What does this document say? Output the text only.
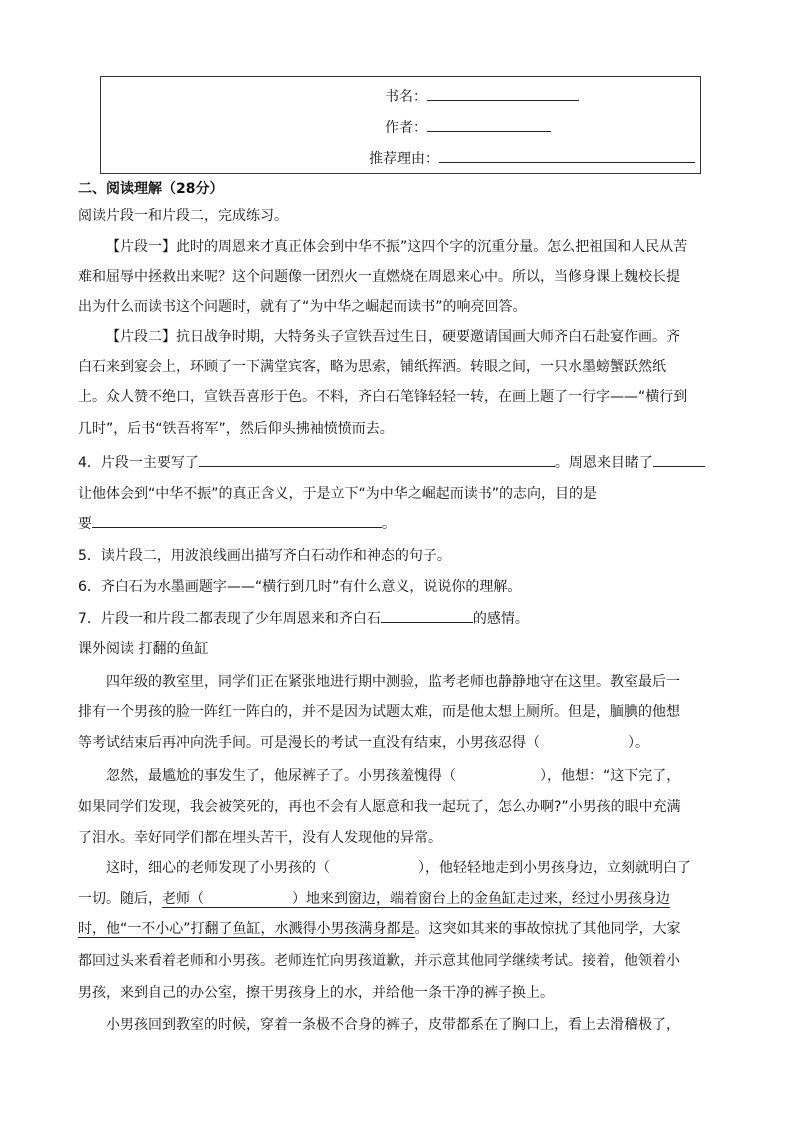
书名：
作者：
推荐理由：
二、阅读理解（28分）
阅读片段一和片段二，完成练习。
【片段一】此时的周恩来才真正体会到中华不振”这四个字的沉重分量。怎么把祖国和人民从苦
难和屈辱中拯救出来呢？这个问题像一团烈火一直燃烧在周恩来心中。所以，当修身课上魏校长提
出为什么而读书这个问题时，就有了“为中华之崛起而读书”的响亮回答。
【片段二】抗日战争时期，大特务头子宣铁吾过生日，硬要邀请国画大师齐白石赴宴作画。齐
白石来到宴会上，环顾了一下满堂宾客，略为思索，铺纸挥洒。转眼之间，一只水墨螃蟹跃然纸
上。众人赞不绝口，宣铁吾喜形于色。不料，齐白石笔锋轻轻一转，在画上题了一行字——“横行到
几时”，后书“铁吾将军”，然后仰头拂袖愤愤而去。
4．片段一主要写了	。周恩来目睹了
让他体会到“中华不振”的真正含义，于是立下“为中华之崛起而读书”的志向，目的是
要	。
5．读片段二，用波浪线画出描写齐白石动作和神态的句子。
6．齐白石为水墨画题字——“横行到几时”有什么意义，说说你的理解。
7．片段一和片段二都表现了少年周恩来和齐白石	的感情。
课外阅读 打翻的鱼缸
四年级的教室里，同学们正在紧张地进行期中测验，监考老师也静静地守在这里。教室最后一
排有一个男孩的脸一阵红一阵白的，并不是因为试题太难，而是他太想上厕所。但是，腼腆的他想
等考试结束后再冲向洗手间。可是漫长的考试一直没有结束，小男孩忍得（	）。
忽然，最尴尬的事发生了，他尿裤子了。小男孩羞愧得（	），他想：“这下完了，
如果同学们发现，我会被笑死的，再也不会有人愿意和我一起玩了，怎么办啊?”小男孩的眼中充满
了泪水。幸好同学们都在埋头苦干，没有人发现他的异常。
这时，细心的老师发现了小男孩的（	），他轻轻地走到小男孩身边，立刻就明白了
一切。随后，老师（	）地来到窗边，端着窗台上的金鱼缸走过来，经过小男孩身边
时，他“一不小心”打翻了鱼缸，水溅得小男孩满身都是。这突如其来的事故惊扰了其他同学，大家
都回过头来看着老师和小男孩。老师连忙向男孩道歉，并示意其他同学继续考试。接着，他领着小
男孩，来到自己的办公室，擦干男孩身上的水，并给他一条干净的裤子换上。
小男孩回到教室的时候，穿着一条极不合身的裤子，皮带都系在了胸口上，看上去滑稽极了，
